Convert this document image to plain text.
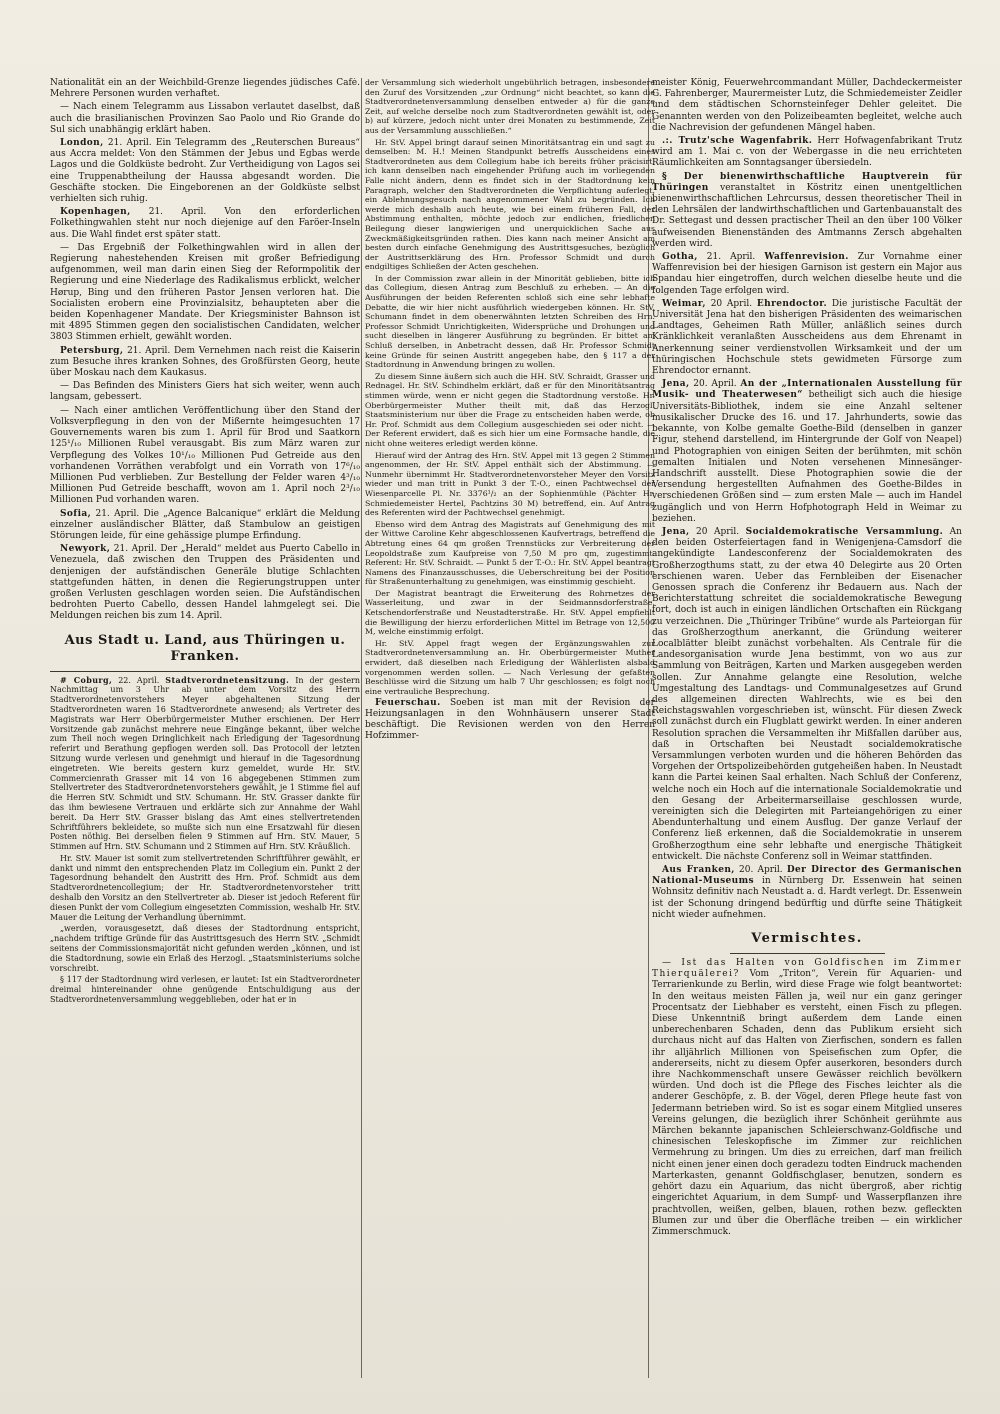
Nationalität ein an der Weichbild-Grenze liegendes jüdisches Café. Mehrere Personen wurden verhaftet.

— Nach einem Telegramm aus Lissabon verlautet daselbst, daß auch die brasilianischen Provinzen Sao Paolo und Rio Grande do Sul sich unabhängig erklärt haben.

London, 21. April. Ein Telegramm des „Reuterschen Bureaus“ aus Accra meldet: Von den Stämmen der Jebus und Egbas werde Lagos und die Goldküste bedroht. Zur Vertheidigung von Lagos sei eine Truppenabtheilung der Haussa abgesandt worden. Die Geschäfte stocken. Die Eingeborenen an der Goldküste selbst verhielten sich ruhig.

Kopenhagen, 21. April. Von den erforderlichen Folkethingwahlen steht nur noch diejenige auf den Faröer-Inseln aus. Die Wahl findet erst später statt.

— Das Ergebniß der Folkethingwahlen wird in allen der Regierung nahestehenden Kreisen mit großer Befriedigung aufgenommen, weil man darin einen Sieg der Reformpolitik der Regierung und eine Niederlage des Radikalismus erblickt, welcher Hørup, Bing und den früheren Pastor Jensen verloren hat. Die Socialisten erobern eine Provinzialsitz, behaupteten aber die beiden Kopenhagener Mandate. Der Kriegsminister Bahnson ist mit 4895 Stimmen gegen den socialistischen Candidaten, welcher 3803 Stimmen erhielt, gewählt worden.

Petersburg, 21. April. Dem Vernehmen nach reist die Kaiserin zum Besuche ihres kranken Sohnes, des Großfürsten Georg, heute über Moskau nach dem Kaukasus.

— Das Befinden des Ministers Giers hat sich weiter, wenn auch langsam, gebessert.

— Nach einer amtlichen Veröffentlichung über den Stand der Volksverpflegung in den von der Mißernte heimgesuchten 17 Gouvernements waren bis zum 1. April für Brod und Saatkorn 125¹/₁₀ Millionen Rubel verausgabt. Bis zum März waren zur Verpflegung des Volkes 10¹/₁₀ Millionen Pud Getreide aus den vorhandenen Vorräthen verabfolgt und ein Vorrath von 17⁶/₁₀ Millionen Pud verblieben. Zur Bestellung der Felder waren 4³/₁₀ Millionen Pud Getreide beschafft, wovon am 1. April noch 2³/₁₀ Millionen Pud vorhanden waren.

Sofia, 21. April. Die „Agence Balcanique“ erklärt die Meldung einzelner ausländischer Blätter, daß Stambulow an geistigen Störungen leide, für eine gehässige plumpe Erfindung.

Newyork, 21. April. Der „Herald“ meldet aus Puerto Cabello in Venezuela, daß zwischen den Truppen des Präsidenten und denjenigen der aufständischen Generäle blutige Schlachten stattgefunden hätten, in denen die Regierungstruppen unter großen Verlusten geschlagen worden seien. Die Aufständischen bedrohten Puerto Cabello, dessen Handel lahmgelegt sei. Die Meldungen reichen bis zum 14. April.

Aus Stadt u. Land, aus Thüringen u. Franken.

# Coburg, 22. April. Stadtverordnetensitzung. In der gestern Nachmittag um 3 Uhr ab unter dem Vorsitz des Herrn Stadtverordnetenvorstehers Meyer abgehaltenen Sitzung der Stadtverordneten waren 16 Stadtverordnete anwesend; als Vertreter des Magistrats war Herr Oberbürgermeister Muther erschienen. Der Herr Vorsitzende gab zunächst mehrere neue Eingänge bekannt, über welche zum Theil noch wegen Dringlichkeit nach Erledigung der Tagesordnung referirt und Berathung gepflogen werden soll. Das Protocoll der letzten Sitzung wurde verlesen und genehmigt und hierauf in die Tagesordnung eingetreten. Wie bereits gestern kurz gemeldet, wurde Hr. StV. Commercienrath Grasser mit 14 von 16 abgegebenen Stimmen zum Stellvertreter des Stadtverordnetenvorstehers gewählt, je 1 Stimme fiel auf die Herren StV. Schmidt und StV. Schumann. Hr. StV. Grasser dankte für das ihm bewiesene Vertrauen und erklärte sich zur Annahme der Wahl bereit. Da Herr StV. Grasser bislang das Amt eines stellvertretenden Schriftführers bekleidete, so mußte sich nun eine Ersatzwahl für diesen Posten nöthig. Bei derselben fielen 9 Stimmen auf Hrn. StV. Mauer, 5 Stimmen auf Hrn. StV. Schumann und 2 Stimmen auf Hrn. StV. Kräußlich.

Hr. StV. Mauer ist somit zum stellvertretenden Schriftführer gewählt, er dankt und nimmt den entsprechenden Platz im Collegium ein. Punkt 2 der Tagesordnung behandelt den Austritt des Hrn. Prof. Schmidt aus dem Stadtverordnetencollegium; der Hr. Stadtverordnetenvorsteher tritt deshalb den Vorsitz an den Stellvertreter ab. Dieser ist jedoch Referent für diesen Punkt der vom Collegium eingesetzten Commission, weshalb Hr. StV. Mauer die Leitung der Verhandlung übernimmt.

„werden, vorausgesetzt, daß dieses der Stadtordnung entspricht, „nachdem triftige Gründe für das Austrittsgesuch des Herrn StV. „Schmidt seitens der Commissionsmajorität nicht gefunden werden „können, und ist die Stadtordnung, sowie ein Erlaß des Herzogl. „Staatsministeriums solche vorschreibt.

§ 117 der Stadtordnung wird verlesen, er lautet: Ist ein Stadtverordneter dreimal hintereinander ohne genügende Entschuldigung aus der Stadtverordnetenversammlung weggeblieben, oder hat er in

der Versammlung sich wiederholt ungebührlich betragen, insbesondere den Zuruf des Vorsitzenden „zur Ordnung“ nicht beachtet, so kann die Stadtverordnetenversammlung denselben entweder a) für die ganze Zeit, auf welche derselbe noch zum Stadtverordneten gewählt ist, oder b) auf kürzere, jedoch nicht unter drei Monaten zu bestimmende, Zeit aus der Versammlung ausschließen.“

Hr. StV. Appel bringt darauf seinen Minoritätsantrag ein und sagt zu demselben: M. H.! Meinen Standpunkt betreffs Ausscheidens eines Stadtverordneten aus dem Collegium habe ich bereits früher präcisirt; ich kann denselben nach eingehender Prüfung auch im vorliegenden Falle nicht ändern, denn es findet sich in der Stadtordnung kein Paragraph, welcher den Stadtverordneten die Verpflichtung auferlegt, ein Ablehnungsgesuch nach angenommener Wahl zu begründen. Ich werde mich deshalb auch heute, wie bei einem früheren Fall, der Abstimmung enthalten, möchte jedoch zur endlichen, friedlichen Beilegung dieser langwierigen und unerquicklichen Sache aus Zweckmäßigkeitsgründen rathen. Dies kann nach meiner Ansicht am besten durch einfache Genehmigung des Austrittsgesuches, bezüglich der Austrittserklärung des Hrn. Professor Schmidt und durch endgiltiges Schließen der Acten geschehen.

In der Commission zwar allein in der Minorität geblieben, bitte ich das Collegium, diesen Antrag zum Beschluß zu erheben. — An die Ausführungen der beiden Referenten schloß sich eine sehr lebhafte Debatte, die wir hier nicht ausführlich wiedergeben können. Hr. StV. Schumann findet in dem obenerwähnten letzten Schreiben des Hrn. Professor Schmidt Unrichtigkeiten, Widersprüche und Drohungen und sucht dieselben in längerer Ausführung zu begründen. Er bittet am Schluß derselben, in Anbetracht dessen, daß Hr. Professor Schmidt keine Gründe für seinen Austritt angegeben habe, den § 117 a der Stadtordnung in Anwendung bringen zu wollen.

Zu diesem Sinne äußern sich auch die HH. StV. Schraidt, Grasser und Rednagel. Hr. StV. Schindhelm erklärt, daß er für den Minoritätsantrag stimmen würde, wenn er nicht gegen die Stadtordnung verstoße. Hr. Oberbürgermeister Muther theilt mit, daß das Herzogl. Staatsministerium nur über die Frage zu entscheiden haben werde, ob Hr. Prof. Schmidt aus dem Collegium ausgeschieden sei oder nicht. — Der Referent erwidert, daß es sich hier um eine Formsache handle, die nicht ohne weiteres erledigt werden könne.

Hierauf wird der Antrag des Hrn. StV. Appel mit 13 gegen 2 Stimmen angenommen, der Hr. StV. Appel enthält sich der Abstimmung. — Nunmehr übernimmt Hr. Stadtverordnetenvorsteher Meyer den Vorsitz wieder und man tritt in Punkt 3 der T.-O., einen Pachtwechsel der Wiesenparcelle Pl. Nr. 3376¹/₂ an der Sophienmühle (Pächter Hr. Schmiedemeister Hertel, Pachtzins 30 M) betreffend, ein. Auf Antrag des Referenten wird der Pachtwechsel genehmigt.

Ebenso wird dem Antrag des Magistrats auf Genehmigung des mit der Wittwe Caroline Kehr abgeschlossenen Kaufvertrags, betreffend die Abtretung eines 64 qm großen Trennstücks zur Verbreiterung der Leopoldstraße zum Kaufpreise von 7,50 M pro qm, zugestimmt. Referent: Hr. StV. Schraidt. — Punkt 5 der T.-O.: Hr. StV. Appel beantragt Namens des Finanzausschusses, die Ueberschreitung bei der Position für Straßenunterhaltung zu genehmigen, was einstimmig geschieht.

Der Magistrat beantragt die Erweiterung des Rohrnetzes der Wasserleitung, und zwar in der Seidmannsdorferstraße, Ketschendorferstraße und Neustadterstraße. Hr. StV. Appel empfiehlt die Bewilligung der hierzu erforderlichen Mittel im Betrage von 12,500 M, welche einstimmig erfolgt.

Hr. StV. Appel fragt wegen der Ergänzungswahlen zur Stadtverordnetenversammlung an. Hr. Oberbürgermeister Muther erwidert, daß dieselben nach Erledigung der Wählerlisten alsbald vorgenommen werden sollen. — Nach Verlesung der gefaßten Beschlüsse wird die Sitzung um halb 7 Uhr geschlossen; es folgt noch eine vertrauliche Besprechung.

Feuerschau. Soeben ist man mit der Revision der Heizungsanlagen in den Wohnhäusern unserer Stadt beschäftigt. Die Revisionen werden von den Herren Hofzimmer-

meister König, Feuerwehrcommandant Müller, Dachdeckermeister G. Fahrenberger, Maurermeister Lutz, die Schmiedemeister Zeidler und dem städtischen Schornsteinfeger Dehler geleitet. Die Genannten werden von den Polizeibeamten begleitet, welche auch die Nachrevision der gefundenen Mängel haben.

.:. Trutz'sche Wagenfabrik. Herr Hofwagenfabrikant Trutz wird am 1. Mai c. von der Webergasse in die neu errichteten Räumlichkeiten am Sonntagsanger übersiedeln.

§ Der bienenwirthschaftliche Hauptverein für Thüringen veranstaltet in Köstritz einen unentgeltlichen bienenwirthschaftlichen Lehrcursus, dessen theoretischer Theil in den Lehrsälen der landwirthschaftlichen und Gartenbauanstalt des Dr. Settegast und dessen practischer Theil an den über 100 Völker aufweisenden Bienenständen des Amtmanns Zersch abgehalten werden wird.

Gotha, 21. April. Waffenrevision. Zur Vornahme einer Waffenrevision bei der hiesigen Garnison ist gestern ein Major aus Spandau hier eingetroffen, durch welchen dieselbe heute und die folgenden Tage erfolgen wird.

Weimar, 20 April. Ehrendoctor. Die juristische Facultät der Universität Jena hat den bisherigen Präsidenten des weimarischen Landtages, Geheimen Rath Müller, anläßlich seines durch Kränklichkeit veranlaßten Ausscheidens aus dem Ehrenamt in Anerkennung seiner verdienstvollen Wirksamkeit und der um thüringischen Hochschule stets gewidmeten Fürsorge zum Ehrendoctor ernannt.

Jena, 20. April. An der „Internationalen Ausstellung für Musik- und Theaterwesen“ betheiligt sich auch die hiesige Universitäts-Bibliothek, indem sie eine Anzahl seltener musikalischer Drucke des 16. und 17. Jahrhunderts, sowie das bekannte, von Kolbe gemalte Goethe-Bild (denselben in ganzer Figur, stehend darstellend, im Hintergrunde der Golf von Neapel) und Photographien von einigen Seiten der berühmten, mit schön gemalten Initialen und Noten versehenen Minnesänger-Handschrift ausstellt. Diese Photographien sowie die der Versendung hergestellten Aufnahmen des Goethe-Bildes in verschiedenen Größen sind — zum ersten Male — auch im Handel zugänglich und von Herrn Hofphotograph Held in Weimar zu beziehen.

Jena, 20 April. Socialdemokratische Versammlung. An den beiden Osterfeiertagen fand in Wenigenjena-Camsdorf die angekündigte Landesconferenz der Socialdemokraten des Großherzogthums statt, zu der etwa 40 Delegirte aus 20 Orten erschienen waren. Ueber das Fernbleiben der Eisenacher Genossen sprach die Conferenz ihr Bedauern aus. Nach der Berichterstattung schreitet die socialdemokratische Bewegung fort, doch ist auch in einigen ländlichen Ortschaften ein Rückgang zu verzeichnen. Die „Thüringer Tribüne“ wurde als Parteiorgan für das Großherzogthum anerkannt, die Gründung weiterer Localblätter bleibt zunächst vorbehalten. Als Centrale für die Landesorganisation wurde Jena bestimmt, von wo aus zur Sammlung von Beiträgen, Karten und Marken ausgegeben werden sollen. Zur Annahme gelangte eine Resolution, welche Umgestaltung des Landtags- und Communalgesetzes auf Grund des allgemeinen directen Wahlrechts, wie es bei den Reichstagswahlen vorgeschrieben ist, wünscht. Für diesen Zweck soll zunächst durch ein Flugblatt gewirkt werden. In einer anderen Resolution sprachen die Versammelten ihr Mißfallen darüber aus, daß in Ortschaften bei Neustadt socialdemokratische Versammlungen verboten wurden und die höheren Behörden das Vorgehen der Ortspolizeibehörden gutgeheißen haben. In Neustadt kann die Partei keinen Saal erhalten. Nach Schluß der Conferenz, welche noch ein Hoch auf die internationale Socialdemokratie und den Gesang der Arbeitermarseillaise geschlossen wurde, vereinigten sich die Delegirten mit Parteiangehörigen zu einer Abendunterhaltung und einem Ausflug. Der ganze Verlauf der Conferenz ließ erkennen, daß die Socialdemokratie in unserem Großherzogthum eine sehr lebhafte und energische Thätigkeit entwickelt. Die nächste Conferenz soll in Weimar stattfinden.

Aus Franken, 20. April. Der Director des Germanischen National-Museums in Nürnberg Dr. Essenwein hat seinen Wohnsitz definitiv nach Neustadt a. d. Hardt verlegt. Dr. Essenwein ist der Schonung dringend bedürftig und dürfte seine Thätigkeit nicht wieder aufnehmen.

Vermischtes.

— Ist das Halten von Goldfischen im Zimmer Thierquälerei? Vom „Triton“, Verein für Aquarien- und Terrarienkunde zu Berlin, wird diese Frage wie folgt beantwortet: In den weitaus meisten Fällen ja, weil nur ein ganz geringer Procentsatz der Liebhaber es versteht, einen Fisch zu pflegen. Diese Unkenntniß bringt außerdem dem Lande einen unberechenbaren Schaden, denn das Publikum ersieht sich durchaus nicht auf das Halten von Zierfischen, sondern es fallen ihr alljährlich Millionen von Speisefischen zum Opfer, die andererseits, nicht zu diesem Opfer auserkoren, besonders durch ihre Nachkommenschaft unsere Gewässer reichlich bevölkern würden. Und doch ist die Pflege des Fisches leichter als die anderer Geschöpfe, z. B. der Vögel, deren Pflege heute fast von Jedermann betrieben wird. So ist es sogar einem Mitglied unseres Vereins gelungen, die bezüglich ihrer Schönheit gerühmte aus Märchen bekannte japanischen Schleierschwanz-Goldfische und chinesischen Teleskopfische im Zimmer zur reichlichen Vermehrung zu bringen. Um dies zu erreichen, darf man freilich nicht einen jener einen doch geradezu todten Eindruck machenden Marterkasten, genannt Goldfischglaser, benutzen, sondern es gehört dazu ein Aquarium, das nicht übergroß, aber richtig eingerichtet Aquarium, in dem Sumpf- und Wasserpflanzen ihre prachtvollen, weißen, gelben, blauen, rothen bezw. gefleckten Blumen zur und über die Oberfläche treiben — ein wirklicher Zimmerschmuck.
